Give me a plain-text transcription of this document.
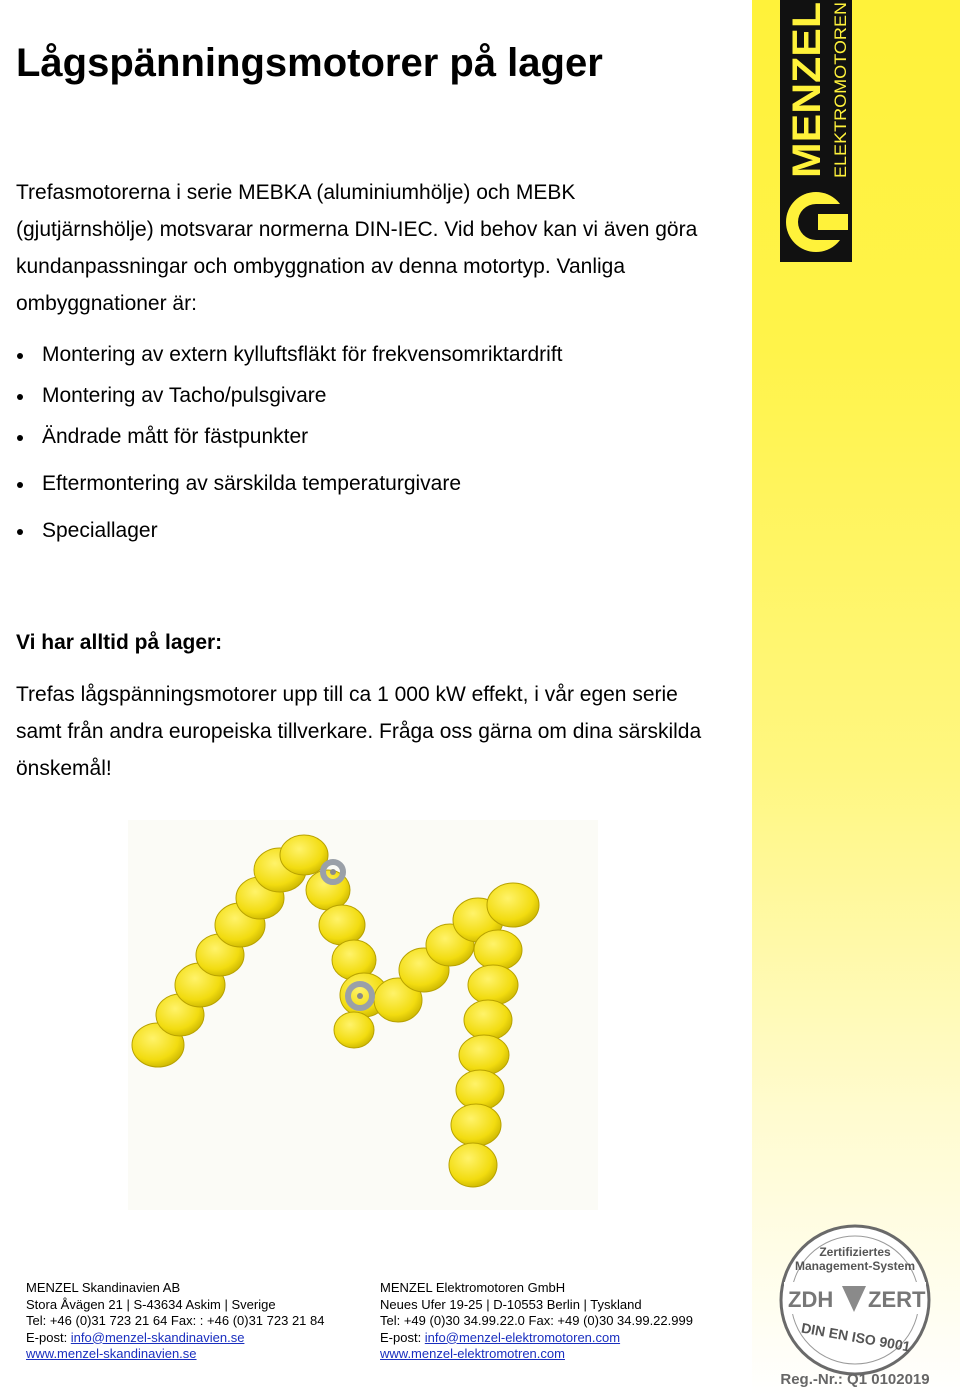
MENZEL ELEKTROMOTOREN
Lågspänningsmotorer på lager

Trefasmotorerna i serie MEBKA (aluminiumhölje) och MEBK (gjutjärnshölje) motsvarar normerna DIN-IEC. Vid behov kan vi även göra kundanpassningar och ombyggnation av denna motortyp. Vanliga ombyggnationer är:

Montering av extern kylluftsfläkt för frekvensomriktardrift
Montering av Tacho/pulsgivare
Ändrade mått för fästpunkter
Eftermontering av särskilda temperaturgivare
Speciallager
Vi har alltid på lager:

Trefas lågspänningsmotorer upp till ca 1 000 kW effekt, i vår egen serie samt från andra europeiska tillverkare. Fråga oss gärna om dina särskilda önskemål!

MENZEL Skandinavien AB
Stora Åvägen 21 | S-43634 Askim | Sverige
Tel: +46 (0)31 723 21 64 Fax: : +46 (0)31 723 21 84
E-post: info@menzel-skandinavien.se
www.menzel-skandinavien.se
MENZEL Elektromotoren GmbH
Neues Ufer 19-25 | D-10553 Berlin | Tyskland
Tel: +49 (0)30 34.99.22.0 Fax: +49 (0)30 34.99.22.999
E-post: info@menzel-elektromotoren.com
www.menzel-elektromotren.com
Zertifiziertes
Management-System
ZDH ZERT
DIN EN ISO 9001
Reg.-Nr.: Q1 0102019
